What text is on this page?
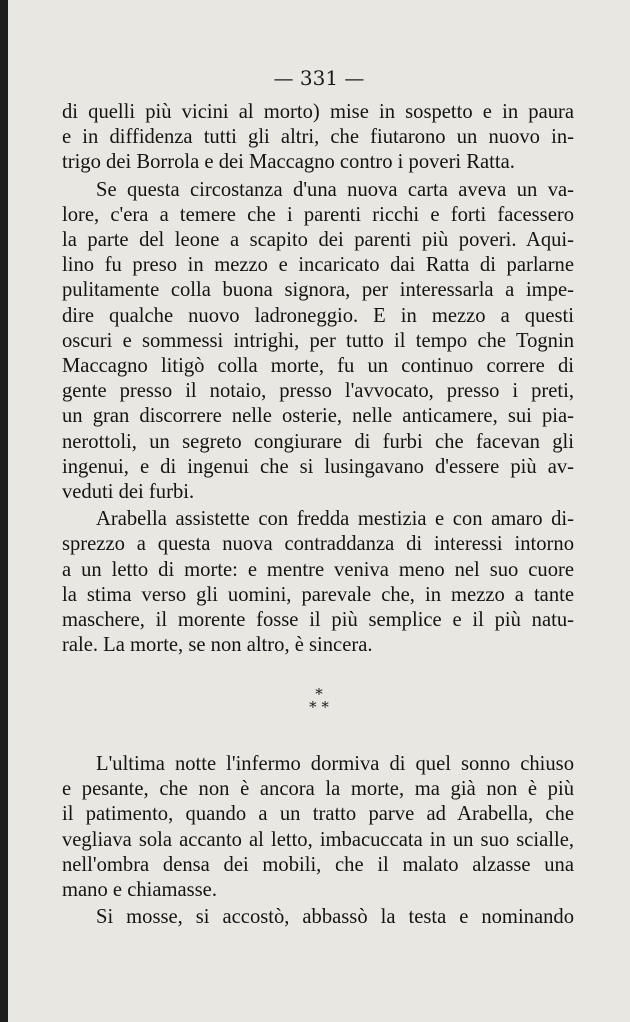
— 331 —

di quelli più vicini al morto) mise in sospetto e in paura
e in diffidenza tutti gli altri, che fiutarono un nuovo in-
trigo dei Borrola e dei Maccagno contro i poveri Ratta.

Se questa circostanza d'una nuova carta aveva un va-
lore, c'era a temere che i parenti ricchi e forti facessero
la parte del leone a scapito dei parenti più poveri. Aqui-
lino fu preso in mezzo e incaricato dai Ratta di parlarne
pulitamente colla buona signora, per interessarla a impe-
dire qualche nuovo ladroneggio. E in mezzo a questi
oscuri e sommessi intrighi, per tutto il tempo che Tognin
Maccagno litigò colla morte, fu un continuo correre di
gente presso il notaio, presso l'avvocato, presso i preti,
un gran discorrere nelle osterie, nelle anticamere, sui pia-
nerottoli, un segreto congiurare di furbi che facevan gli
ingenui, e di ingenui che si lusingavano d'essere più av-
veduti dei furbi.

Arabella assistette con fredda mestizia e con amaro di-
sprezzo a questa nuova contraddanza di interessi intorno
a un letto di morte: e mentre veniva meno nel suo cuore
la stima verso gli uomini, parevale che, in mezzo a tante
maschere, il morente fosse il più semplice e il più natu-
rale. La morte, se non altro, è sincera.

*
* *

L'ultima notte l'infermo dormiva di quel sonno chiuso
e pesante, che non è ancora la morte, ma già non è più
il patimento, quando a un tratto parve ad Arabella, che
vegliava sola accanto al letto, imbacuccata in un suo scialle,
nell'ombra densa dei mobili, che il malato alzasse una
mano e chiamasse.

Si mosse, si accostò, abbassò la testa e nominando
